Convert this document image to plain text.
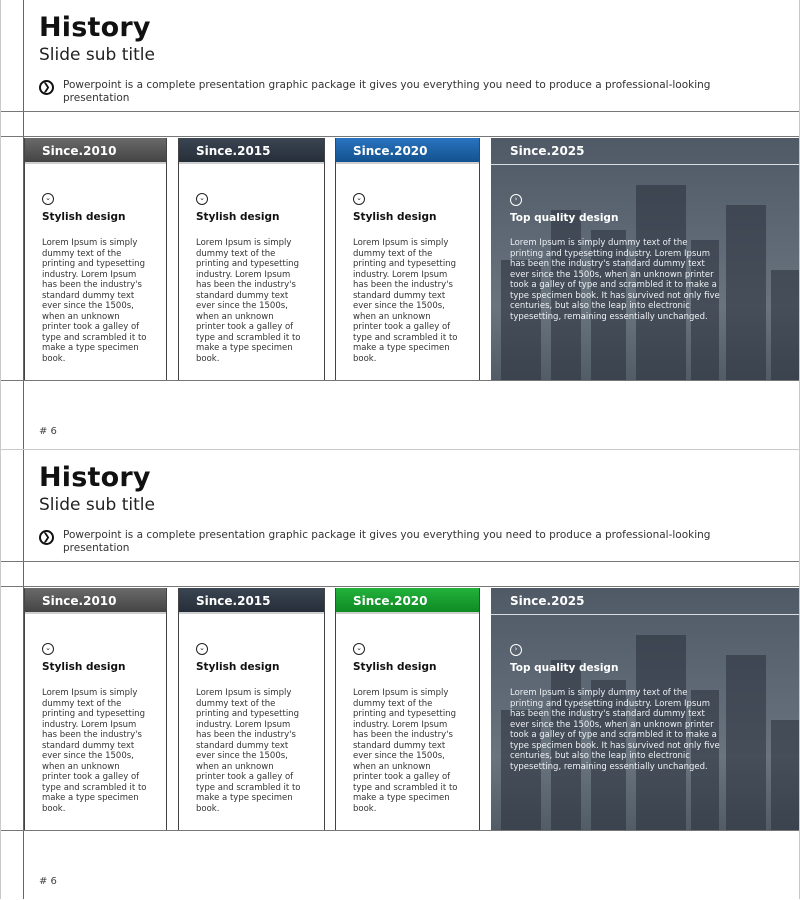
History
Slide sub title
❯	Powerpoint is a complete presentation graphic package it gives you everything you need to produce a professional-looking presentation
Since.2010
⌄
Stylish design
Lorem Ipsum is simply dummy text of the printing and typesetting industry. Lorem Ipsum has been the industry's standard dummy text ever since the 1500s, when an unknown printer took a galley of type and scrambled it to make a type specimen book.
Since.2015
⌄
Stylish design
Lorem Ipsum is simply dummy text of the printing and typesetting industry. Lorem Ipsum has been the industry's standard dummy text ever since the 1500s, when an unknown printer took a galley of type and scrambled it to make a type specimen book.
Since.2020
⌄
Stylish design
Lorem Ipsum is simply dummy text of the printing and typesetting industry. Lorem Ipsum has been the industry's standard dummy text ever since the 1500s, when an unknown printer took a galley of type and scrambled it to make a type specimen book.
Since.2025
›
Top quality design
Lorem Ipsum is simply dummy text of the printing and typesetting industry. Lorem Ipsum has been the industry's standard dummy text ever since the 1500s, when an unknown printer took a galley of type and scrambled it to make a type specimen book. It has survived not only five centuries, but also the leap into electronic typesetting, remaining essentially unchanged.
# 6
History
Slide sub title
❯	Powerpoint is a complete presentation graphic package it gives you everything you need to produce a professional-looking presentation
Since.2010
⌄
Stylish design
Lorem Ipsum is simply dummy text of the printing and typesetting industry. Lorem Ipsum has been the industry's standard dummy text ever since the 1500s, when an unknown printer took a galley of type and scrambled it to make a type specimen book.
Since.2015
⌄
Stylish design
Lorem Ipsum is simply dummy text of the printing and typesetting industry. Lorem Ipsum has been the industry's standard dummy text ever since the 1500s, when an unknown printer took a galley of type and scrambled it to make a type specimen book.
Since.2020
⌄
Stylish design
Lorem Ipsum is simply dummy text of the printing and typesetting industry. Lorem Ipsum has been the industry's standard dummy text ever since the 1500s, when an unknown printer took a galley of type and scrambled it to make a type specimen book.
Since.2025
›
Top quality design
Lorem Ipsum is simply dummy text of the printing and typesetting industry. Lorem Ipsum has been the industry's standard dummy text ever since the 1500s, when an unknown printer took a galley of type and scrambled it to make a type specimen book. It has survived not only five centuries, but also the leap into electronic typesetting, remaining essentially unchanged.
# 6
